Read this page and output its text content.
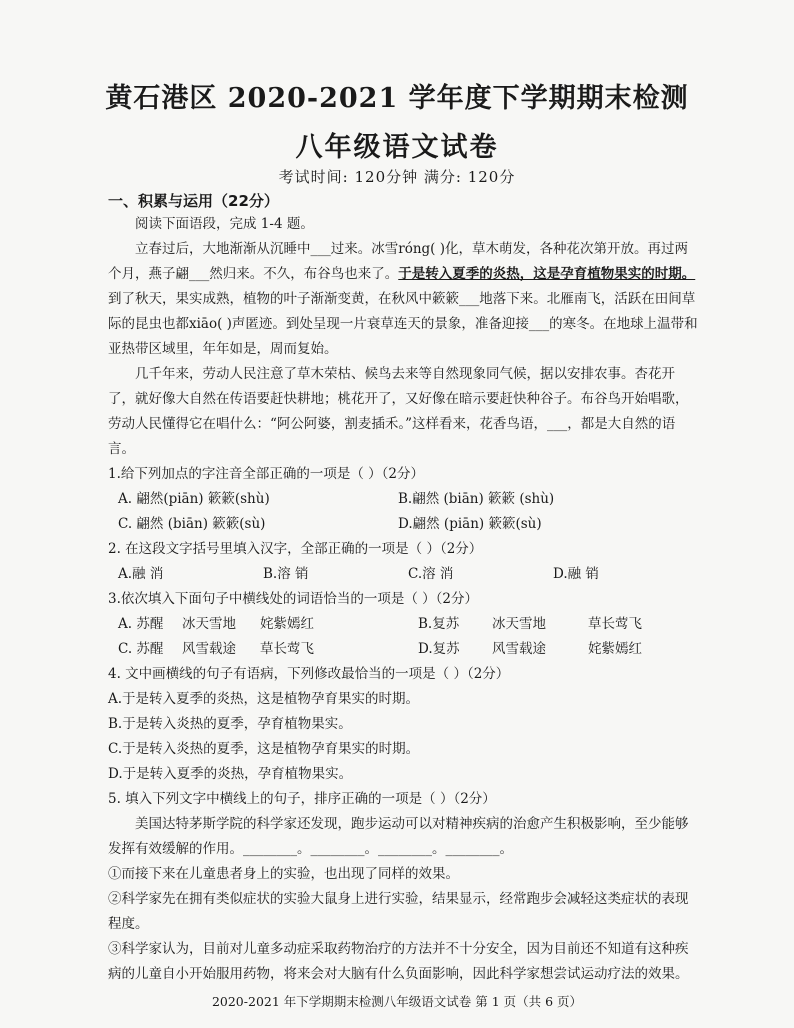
黄石港区 2020-2021 学年度下学期期末检测
八年级语文试卷
考试时间: 120分钟 满分: 120分
一、积累与运用（22分）

阅读下面语段，完成 1-4 题。

立春过后，大地渐渐从沉睡中___过来。冰雪róng( )化，草木萌发，各种花次第开放。再过两个月，燕子翩___然归来。不久，布谷鸟也来了。于是转入夏季的炎热，这是孕育植物果实的时期。到了秋天，果实成熟，植物的叶子渐渐变黄，在秋风中簌簌___地落下来。北雁南飞，活跃在田间草际的昆虫也都xiāo( )声匿迹。到处呈现一片衰草连天的景象，准备迎接___的寒冬。在地球上温带和亚热带区域里，年年如是，周而复始。

几千年来，劳动人民注意了草木荣枯、候鸟去来等自然现象同气候，据以安排农事。杏花开了，就好像大自然在传语要赶快耕地；桃花开了，又好像在暗示要赶快种谷子。布谷鸟开始唱歌，劳动人民懂得它在唱什么：“阿公阿婆，割麦插禾。”这样看来，花香鸟语，___，都是大自然的语言。

1.给下列加点的字注音全部正确的一项是（ ）（2分）

A. 翩然(piān) 簌簌(shù)	B.翩然 (biān) 簌簌 (shù)
C. 翩然 (biān) 簌簌(sù)	D.翩然 (piān) 簌簌(sù)

2. 在这段文字括号里填入汉字，全部正确的一项是（ ）（2分）

A.融 消	B.溶 销	C.溶 消	D.融 销

3.依次填入下面句子中横线处的词语恰当的一项是（ ）（2分）

A. 苏醒	冰天雪地	姹紫嫣红	B.复苏	冰天雪地	草长莺飞
C. 苏醒	风雪载途	草长莺飞	D.复苏	风雪载途	姹紫嫣红

4. 文中画横线的句子有语病，下列修改最恰当的一项是（ ）（2分）

A.于是转入夏季的炎热，这是植物孕育果实的时期。

B.于是转入炎热的夏季，孕育植物果实。

C.于是转入炎热的夏季，这是植物孕育果实的时期。

D.于是转入夏季的炎热，孕育植物果实。

5. 填入下列文字中横线上的句子，排序正确的一项是（ ）（2分）

美国达特茅斯学院的科学家还发现，跑步运动可以对精神疾病的治愈产生积极影响，至少能够发挥有效缓解的作用。________。________。________。________。

①而接下来在儿童患者身上的实验，也出现了同样的效果。

②科学家先在拥有类似症状的实验大鼠身上进行实验，结果显示，经常跑步会减轻这类症状的表现程度。

③科学家认为，目前对儿童多动症采取药物治疗的方法并不十分安全，因为目前还不知道有这种疾病的儿童自小开始服用药物，将来会对大脑有什么负面影响，因此科学家想尝试运动疗法的效果。

2020-2021 年下学期期末检测八年级语文试卷 第 1 页（共 6 页）
